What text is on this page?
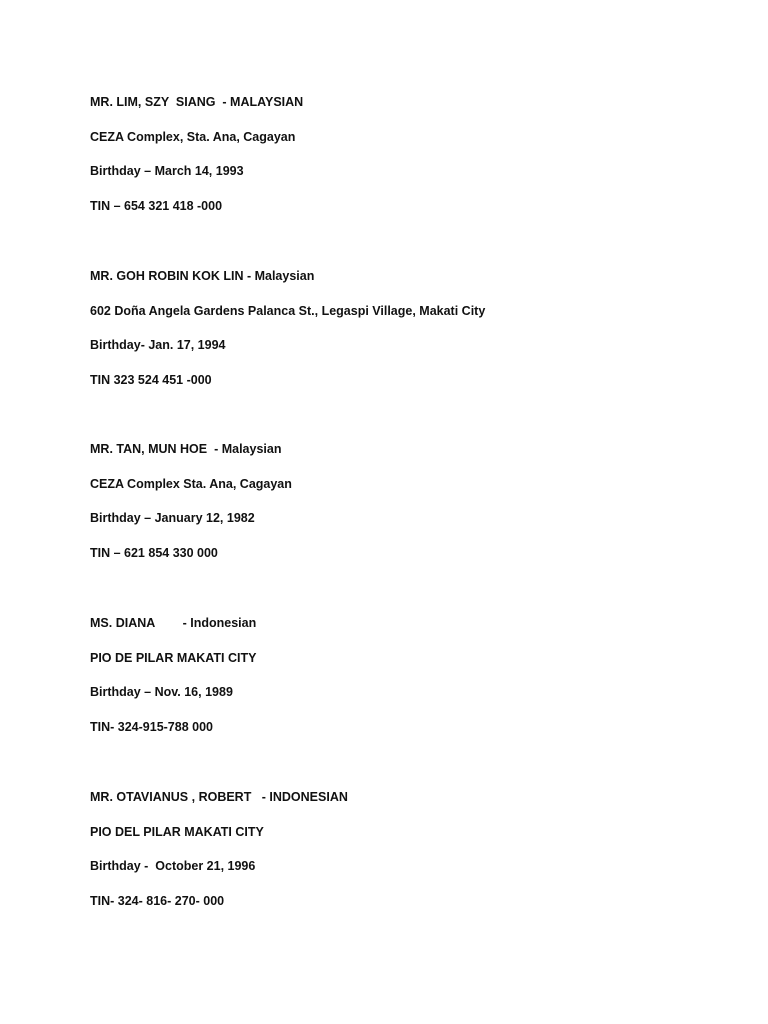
MR. LIM, SZY  SIANG  - MALAYSIAN
CEZA Complex, Sta. Ana, Cagayan
Birthday – March 14, 1993
TIN – 654 321 418 -000
MR. GOH ROBIN KOK LIN - Malaysian
602 Doña Angela Gardens Palanca St., Legaspi Village, Makati City
Birthday- Jan. 17, 1994
TIN 323 524 451 -000
MR. TAN, MUN HOE  - Malaysian
CEZA Complex Sta. Ana, Cagayan
Birthday – January 12, 1982
TIN – 621 854 330 000
MS. DIANA        - Indonesian
PIO DE PILAR MAKATI CITY
Birthday – Nov. 16, 1989
TIN- 324-915-788 000
MR. OTAVIANUS , ROBERT   - INDONESIAN
PIO DEL PILAR MAKATI CITY
Birthday -  October 21, 1996
TIN- 324- 816- 270- 000
